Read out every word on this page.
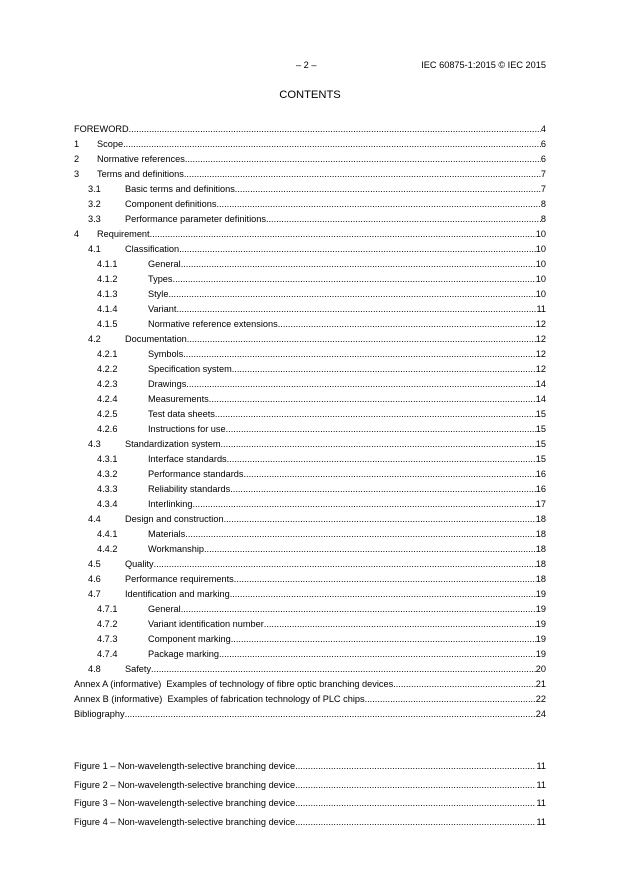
– 2 –	IEC 60875-1:2015 © IEC 2015
CONTENTS
FOREWORD .....	4
1	Scope .....	6
2	Normative references .....	6
3	Terms and definitions .....	7
3.1	Basic terms and definitions .....	7
3.2	Component definitions .....	8
3.3	Performance parameter definitions .....	8
4	Requirement .....	10
4.1	Classification .....	10
4.1.1	General .....	10
4.1.2	Types .....	10
4.1.3	Style .....	10
4.1.4	Variant .....	11
4.1.5	Normative reference extensions .....	12
4.2	Documentation .....	12
4.2.1	Symbols .....	12
4.2.2	Specification system .....	12
4.2.3	Drawings .....	14
4.2.4	Measurements .....	14
4.2.5	Test data sheets .....	15
4.2.6	Instructions for use .....	15
4.3	Standardization system .....	15
4.3.1	Interface standards .....	15
4.3.2	Performance standards .....	16
4.3.3	Reliability standards .....	16
4.3.4	Interlinking .....	17
4.4	Design and construction .....	18
4.4.1	Materials .....	18
4.4.2	Workmanship .....	18
4.5	Quality .....	18
4.6	Performance requirements .....	18
4.7	Identification and marking .....	19
4.7.1	General .....	19
4.7.2	Variant identification number .....	19
4.7.3	Component marking .....	19
4.7.4	Package marking .....	19
4.8	Safety .....	20
Annex A (informative)  Examples of technology of fibre optic branching devices .....	21
Annex B (informative)  Examples of fabrication technology of PLC chips .....	22
Bibliography .....	24
Figure 1 – Non-wavelength-selective branching device .....	11
Figure 2 – Non-wavelength-selective branching device .....	11
Figure 3 – Non-wavelength-selective branching device .....	11
Figure 4 – Non-wavelength-selective branching device .....	11
